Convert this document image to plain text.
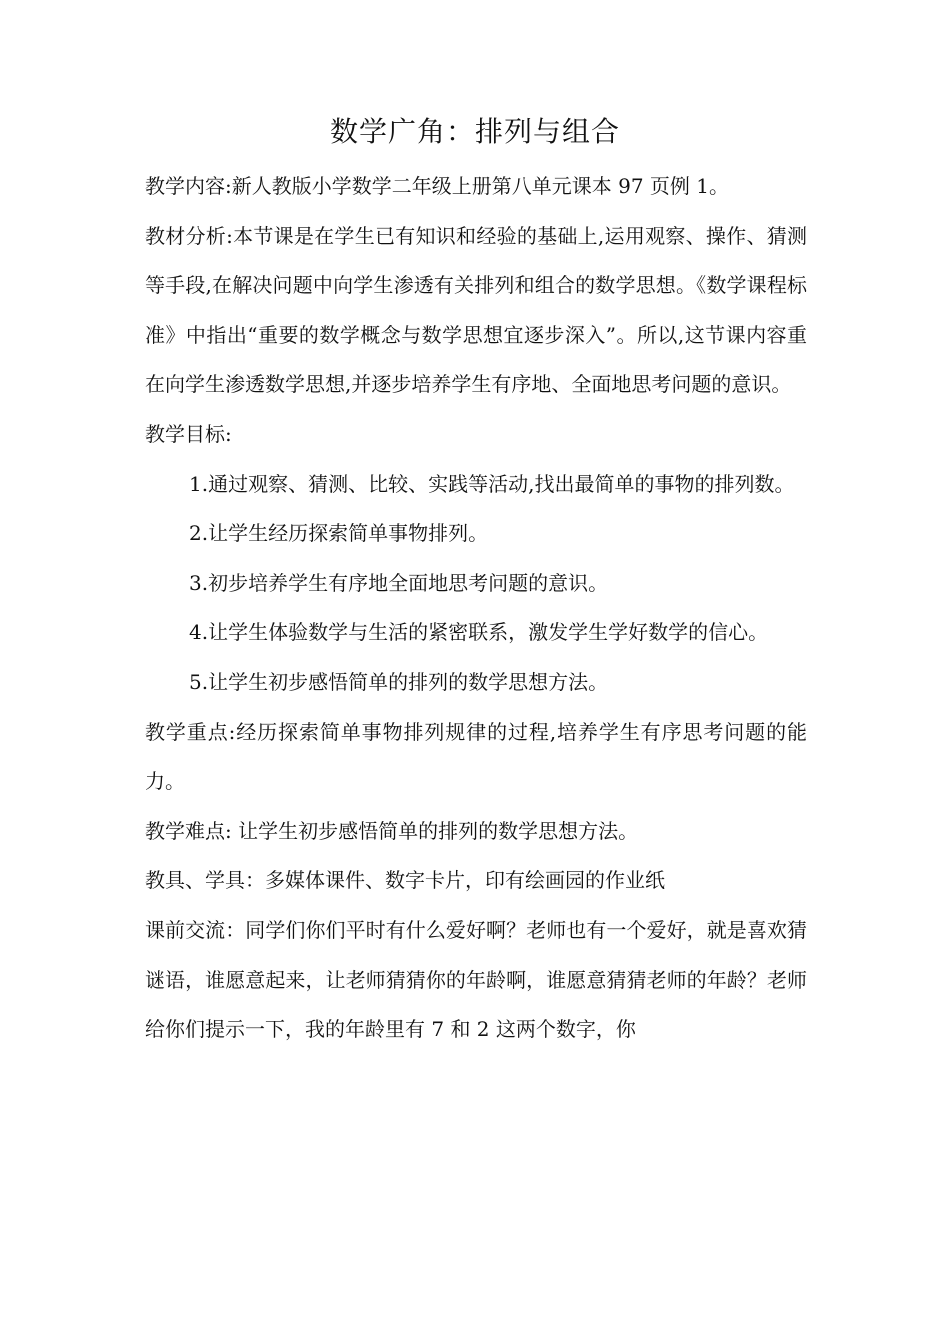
数学广角：排列与组合

教学内容:新人教版小学数学二年级上册第八单元课本 97 页例 1。

教材分析:本节课是在学生已有知识和经验的基础上,运用观察、操作、猜测等手段,在解决问题中向学生渗透有关排列和组合的数学思想。《数学课程标准》中指出“重要的数学概念与数学思想宜逐步深入”。所以,这节课内容重在向学生渗透数学思想,并逐步培养学生有序地、全面地思考问题的意识。

教学目标:

1.通过观察、猜测、比较、实践等活动,找出最简单的事物的排列数。

2.让学生经历探索简单事物排列。

3.初步培养学生有序地全面地思考问题的意识。

4.让学生体验数学与生活的紧密联系，激发学生学好数学的信心。

5.让学生初步感悟简单的排列的数学思想方法。

教学重点:经历探索简单事物排列规律的过程,培养学生有序思考问题的能力。

教学难点: 让学生初步感悟简单的排列的数学思想方法。

教具、学具：多媒体课件、数字卡片，印有绘画园的作业纸

课前交流：同学们你们平时有什么爱好啊？老师也有一个爱好，就是喜欢猜谜语，谁愿意起来，让老师猜猜你的年龄啊，谁愿意猜猜老师的年龄？老师给你们提示一下，我的年龄里有 7 和 2 这两个数字，你
